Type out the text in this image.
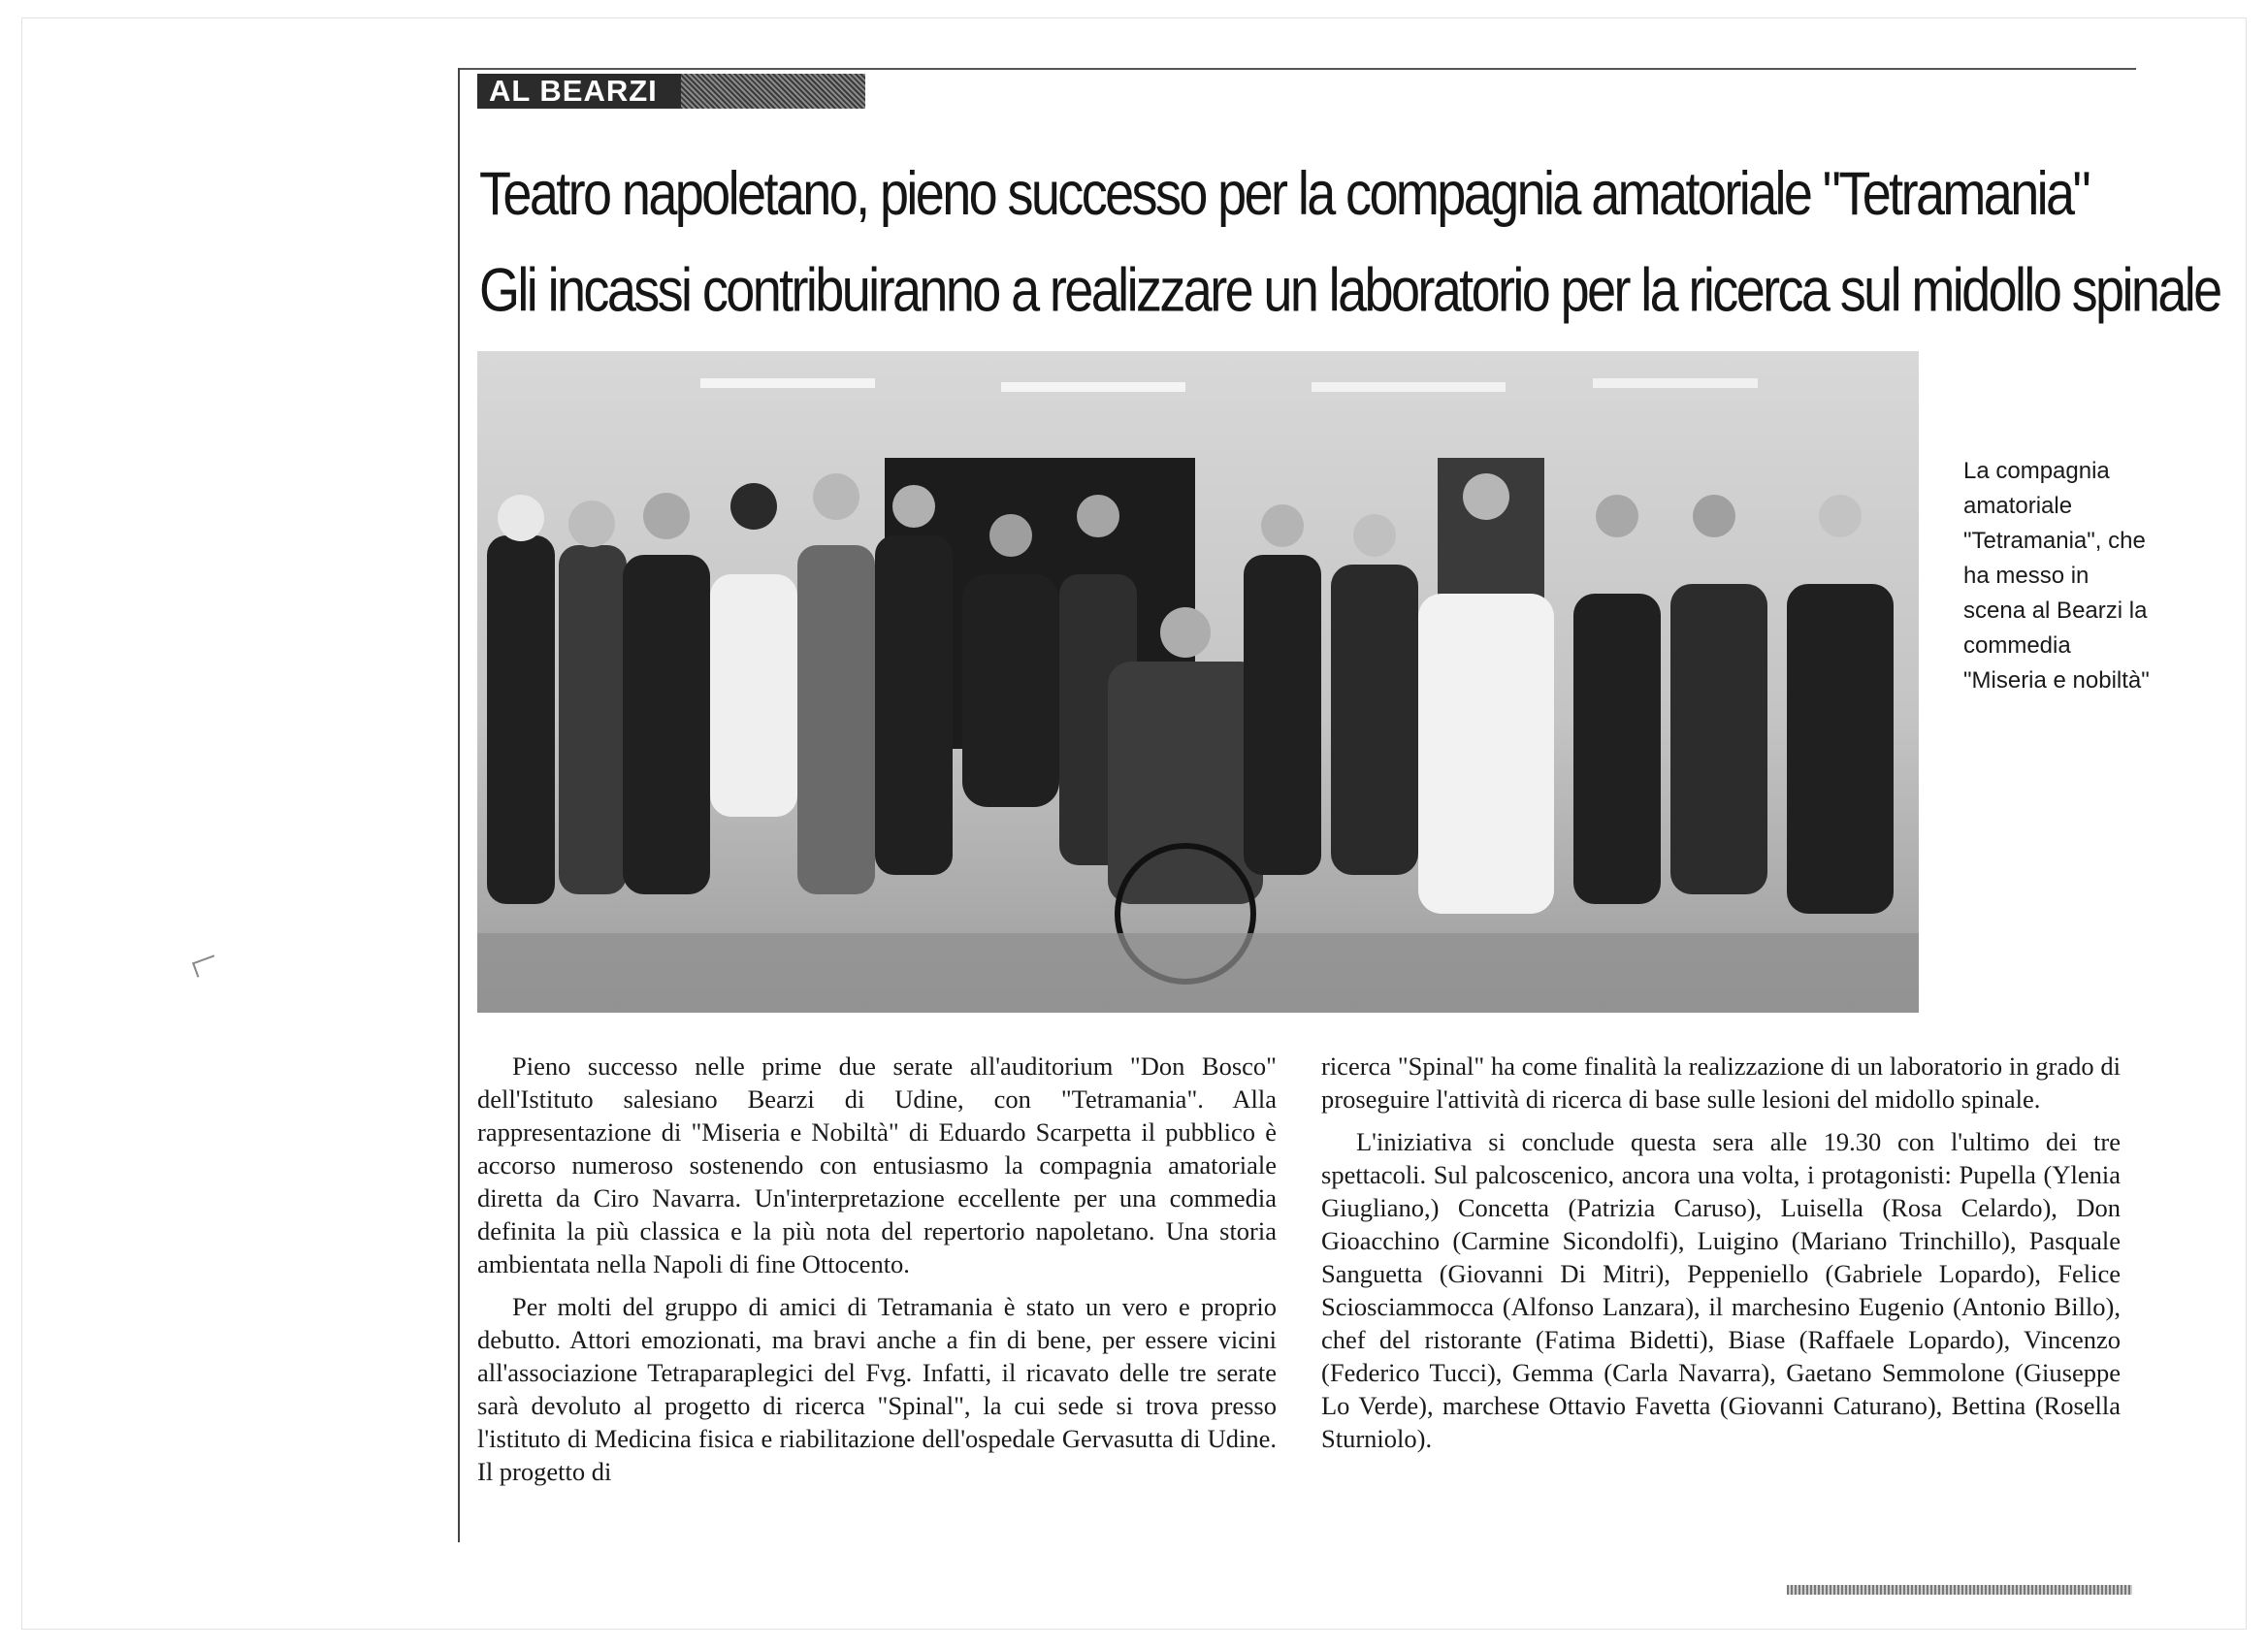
AL BEARZI
Teatro napoletano, pieno successo per la compagnia amatoriale "Tetramania"
Gli incassi contribuiranno a realizzare un laboratorio per la ricerca sul midollo spinale
La compagnia amatoriale "Tetramania", che ha messo in scena al Bearzi la commedia "Miseria e nobiltà"

Pieno successo nelle prime due serate all'auditorium "Don Bosco" dell'Istituto salesiano Bearzi di Udine, con "Tetramania". Alla rappresentazione di "Miseria e Nobiltà" di Eduardo Scarpetta il pubblico è accorso numeroso sostenendo con entusiasmo la compagnia amatoriale diretta da Ciro Navarra. Un'interpretazione eccellente per una commedia definita la più classica e la più nota del repertorio napoletano. Una storia ambientata nella Napoli di fine Ottocento.

Per molti del gruppo di amici di Tetramania è stato un vero e proprio debutto. Attori emozionati, ma bravi anche a fin di bene, per essere vicini all'associazione Tetraparaplegici del Fvg. Infatti, il ricavato delle tre serate sarà devoluto al progetto di ricerca "Spinal", la cui sede si trova presso l'istituto di Medicina fisica e riabilitazione dell'ospedale Gervasutta di Udine. Il progetto di

ricerca "Spinal" ha come finalità la realizzazione di un laboratorio in grado di proseguire l'attività di ricerca di base sulle lesioni del midollo spinale.

L'iniziativa si conclude questa sera alle 19.30 con l'ultimo dei tre spettacoli. Sul palcoscenico, ancora una volta, i protagonisti: Pupella (Ylenia Giugliano,) Concetta (Patrizia Caruso), Luisella (Rosa Celardo), Don Gioacchino (Carmine Sicondolfi), Luigino (Mariano Trinchillo), Pasquale Sanguetta (Giovanni Di Mitri), Peppeniello (Gabriele Lopardo), Felice Sciosciammocca (Alfonso Lanzara), il marchesino Eugenio (Antonio Billo), chef del ristorante (Fatima Bidetti), Biase (Raffaele Lopardo), Vincenzo (Federico Tucci), Gemma (Carla Navarra), Gaetano Semmolone (Giuseppe Lo Verde), marchese Ottavio Favetta (Giovanni Caturano), Bettina (Rosella Sturniolo).
